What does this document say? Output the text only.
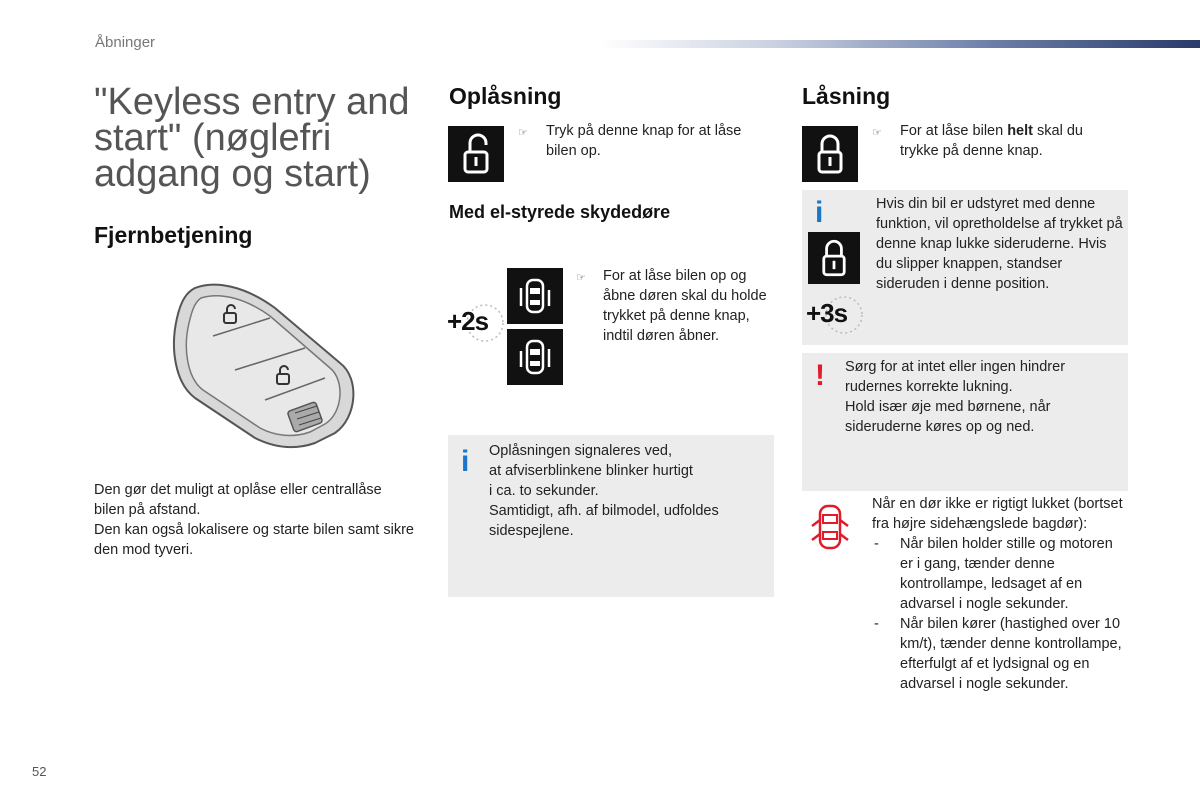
Åbninger
"Keyless entry and start" (nøglefri adgang og start)
Fjernbetjening
Den gør det muligt at oplåse eller centrallåse bilen på afstand.
Den kan også lokalisere og starte bilen samt sikre den mod tyveri.
Oplåsning
☞ Tryk på denne knap for at låse bilen op.
Med el-styrede skydedøre
+2s
☞ For at låse bilen op og åbne døren skal du holde trykket på denne knap, indtil døren åbner.
i Oplåsningen signaleres ved,
at afviserblinkene blinker hurtigt
i ca. to sekunder.
Samtidigt, afh. af bilmodel, udfoldes
sidespejlene.
Låsning
☞ For at låse bilen helt skal du trykke på denne knap.
i
+3s
Hvis din bil er udstyret med denne funktion, vil opretholdelse af trykket på denne knap lukke sideruderne. Hvis du slipper knappen, standser sideruden i denne position.
! Sørg for at intet eller ingen hindrer
rudernes korrekte lukning.
Hold især øje med børnene, når
sideruderne køres op og ned.
Når en dør ikke er rigtigt lukket (bortset fra højre sidehængslede bagdør):
- Når bilen holder stille og motoren er i gang, tænder denne kontrollampe, ledsaget af en advarsel i nogle sekunder.
- Når bilen kører (hastighed over 10 km/t), tænder denne kontrollampe, efterfulgt af et lydsignal og en advarsel i nogle sekunder.
52
